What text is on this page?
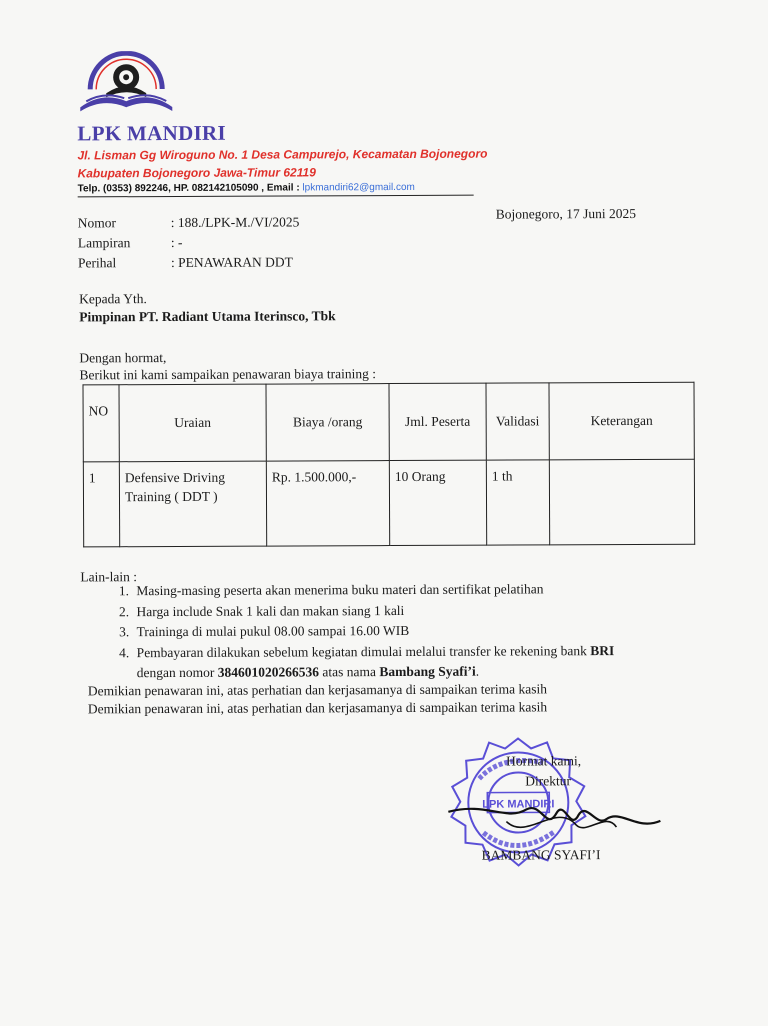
LPK MANDIRI
Jl. Lisman Gg Wiroguno No. 1 Desa Campurejo, Kecamatan Bojonegoro
Kabupaten Bojonegoro Jawa-Timur 62119
Telp. (0353) 892246, HP. 082142105090 , Email : lpkmandiri62@gmail.com
Nomor	: 188./LPK-M./VI/2025
Lampiran	: -
Perihal	: PENAWARAN DDT
Bojonegoro, 17 Juni 2025
Kepada Yth.
Pimpinan PT. Radiant Utama Iterinsco, Tbk
Dengan hormat,
Berikut ini kami sampaikan penawaran biaya training :
NO	Uraian	Biaya /orang	Jml. Peserta	Validasi	Keterangan
1	Defensive Driving
Training ( DDT )	Rp. 1.500.000,-	10 Orang	1 th	
Lain-lain :
1. Masing-masing peserta akan menerima buku materi dan sertifikat pelatihan
2. Harga include Snak 1 kali dan makan siang 1 kali
3. Traininga di mulai pukul 08.00 sampai 16.00 WIB
4. Pembayaran dilakukan sebelum kegiatan dimulai melalui transfer ke rekening bank BRI
dengan nomor 384601020266536 atas nama Bambang Syafi’i.
Demikian penawaran ini, atas perhatian dan kerjasamanya di sampaikan terima kasih
Demikian penawaran ini, atas perhatian dan kerjasamanya di sampaikan terima kasih
LPK MANDIRI
Hormat kami,
Direktur
BAMBANG SYAFI’I
